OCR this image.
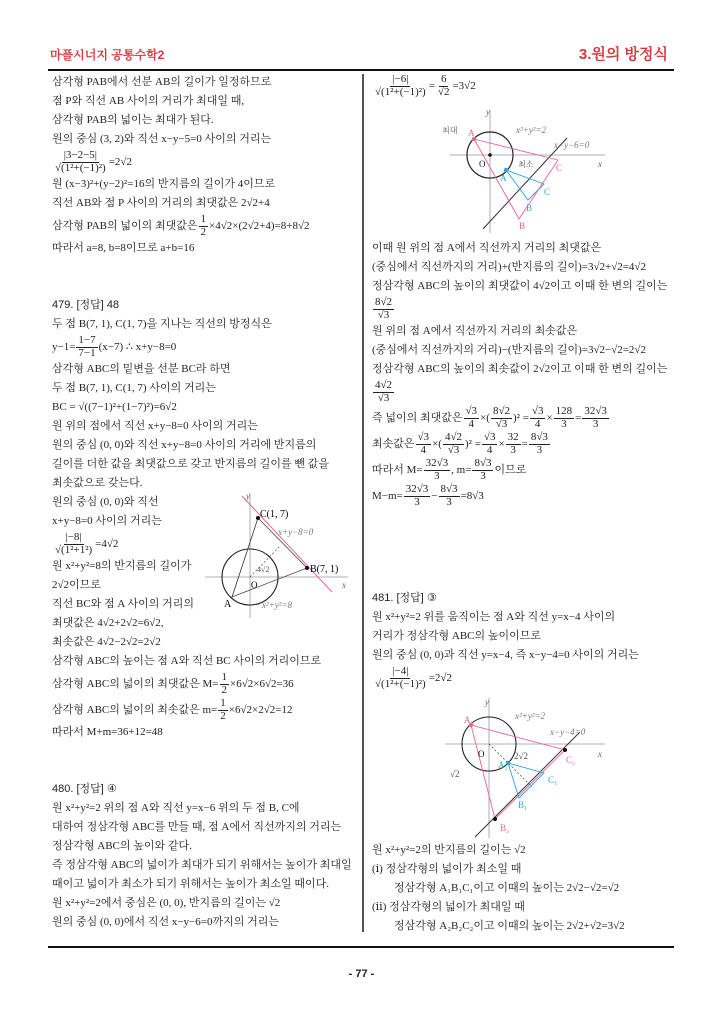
마플시너지 공통수학2	3.원의 방정식
- 77 -
삼각형 PAB에서 선분 AB의 길이가 일정하므로
점 P와 직선 AB 사이의 거리가 최대일 때,
삼각형 PAB의 넓이는 최대가 된다.
원의 중심 (3, 2)와 직선 x−y−5=0 사이의 거리는
$\frac{|3-2-5|}{\text{√(1²+(−1)²)}} =2√2$
원 (x−3)²+(y−2)²=16의 반지름의 길이가 4이므로
직선 AB와 점 P 사이의 거리의 최댓값은 2√2+4
삼각형 PAB의 넓이의 최댓값은 $\frac{1}{2} \times 4√2\times(2√2+4)=8+8√2$
따라서 a=8, b=8이므로 a+b=16
479. [정답] 48
두 점 B(7, 1), C(1, 7)을 지나는 직선의 방정식은
$y-1= \frac{1-7}{7-1} (x-7)$ ∴ x+y−8=0
삼각형 ABC의 밑변을 선분 BC라 하면
두 점 B(7, 1), C(1, 7) 사이의 거리는
BC = √((7−1)²+(1−7)²)=6√2
원 위의 점에서 직선 x+y−8=0 사이의 거리는
원의 중심 (0, 0)와 직선 x+y−8=0 사이의 거리에 반지름의
길이를 더한 값을 최댓값으로 갖고 반지름의 길이를 뺀 값을
최솟값으로 갖는다.
원의 중심 (0, 0)와 직선
x+y−8=0 사이의 거리는
$\frac{|-8|}{\text{√(1²+1²)}} =4√2$
원 x²+y²=8의 반지름의 길이가
2√2이므로
직선 BC와 점 A 사이의 거리의
최댓값은 4√2+2√2=6√2,
최솟값은 4√2−2√2=2√2
삼각형 ABC의 높이는 점 A와 직선 BC 사이의 거리이므로
삼각형 ABC의 넓이의 최댓값은 $M= \frac{1}{2} \times 6√2\times 6√2=36$
삼각형 ABC의 넓이의 최솟값은 $m= \frac{1}{2} \times 6√2\times 2√2=12$
따라서 M+m=36+12=48
480. [정답] ④
원 x²+y²=2 위의 점 A와 직선 y=x−6 위의 두 점 B, C에
대하여 정삼각형 ABC를 만들 때, 점 A에서 직선까지의 거리는
정삼각형 ABC의 높이와 같다.
즉 정삼각형 ABC의 넓이가 최대가 되기 위해서는 높이가 최대일
때이고 넓이가 최소가 되기 위해서는 높이가 최소일 때이다.
원 x²+y²=2에서 중심은 (0, 0), 반지름의 길이는 √2
원의 중심 (0, 0)에서 직선 x−y−6=0까지의 거리는
$\frac{|-6|}{\text{√(1²+(−1)²)}} = \frac{6}{√2} =3√2$
이때 원 위의 점 A에서 직선까지 거리의 최댓값은
(중심에서 직선까지의 거리)+(반지름의 길이)=3√2+√2=4√2
정삼각형 ABC의 높이의 최댓값이 4√2이고 이때 한 변의 길이는
$\frac{8√2}{√3}$
원 위의 점 A에서 직선까지 거리의 최솟값은
(중심에서 직선까지의 거리)−(반지름의 길이)=3√2−√2=2√2
정삼각형 ABC의 높이의 최솟값이 2√2이고 이때 한 변의 길이는
$\frac{4√2}{√3}$
즉 넓이의 최댓값은 $\frac{√3}{4}$ ×( $\frac{8√2}{√3} )^2 = \frac{√3}{4} \times \frac{128}{3} = \frac{32√3}{3}$
최솟값은 $\frac{√3}{4}$ ×( $\frac{4√2}{√3} )^2 = \frac{√3}{4} \times \frac{32}{3} = \frac{8√3}{3}$
따라서 $M= \frac{32√3}{3}$ , $m= \frac{8√3}{3}$ 이므로
$M-m= \frac{32√3}{3} - \frac{8√3}{3} =8√3$
481. [정답] ③
원 x²+y²=2 위를 움직이는 점 A와 직선 y=x−4 사이의
거리가 정삼각형 ABC의 높이이므로
원의 중심 (0, 0)과 직선 y=x−4, 즉 x−y−4=0 사이의 거리는
$\frac{|-4|}{\text{√(1²+(−1)²)}} =2√2$
원 x²+y²=2의 반지름의 길이는 √2
(ⅰ) 정삼각형의 넓이가 최소일 때
정삼각형 A₁B₁C₁이고 이때의 높이는 2√2−√2=√2
(ⅱ) 정삼각형의 넓이가 최대일 때
정삼각형 A₂B₂C₂이고 이때의 높이는 2√2+√2=3√2
y
x
O
x²+y²=2
x−y−6=0
최대
최소
A
C
B
A
C
B
y
x
O
C(1, 7)
B(7, 1)
A
x+y−8=0
x²+y²=8
4√2
y
x
O
x²+y²=2
x−y−4=0
A₂
A₁	C₂
C₁
B₁
B₂
√2
2√2
